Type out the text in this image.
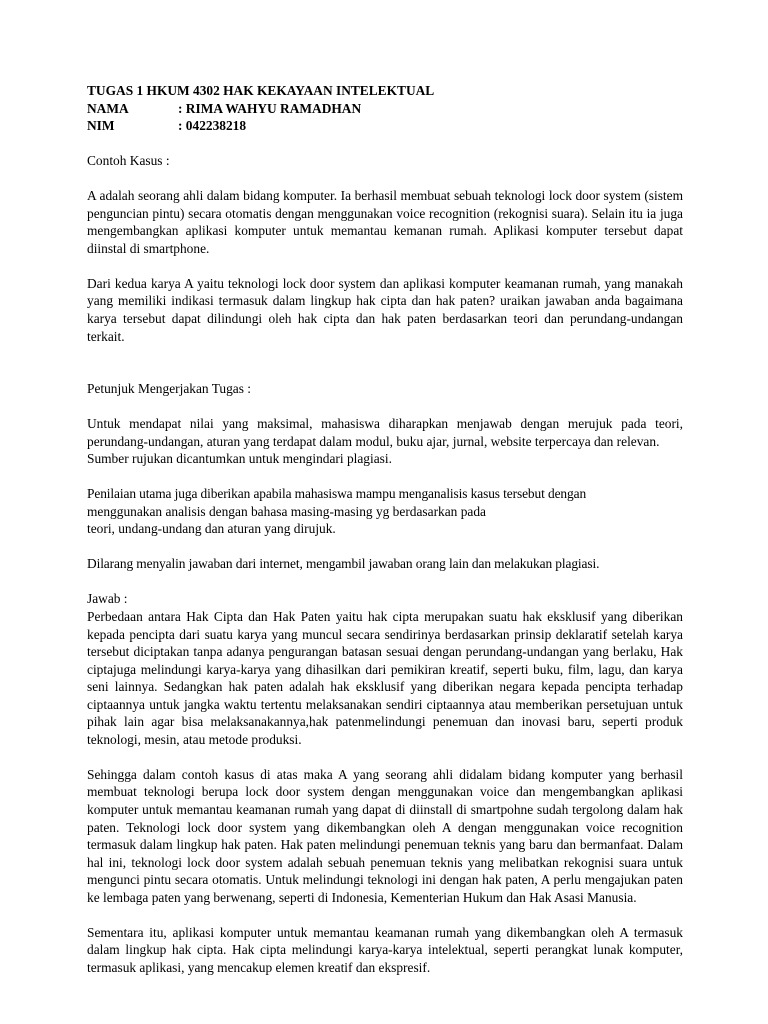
TUGAS 1 HKUM 4302 HAK KEKAYAAN INTELEKTUAL
NAMA	: RIMA WAHYU RAMADHAN
NIM	: 042238218

Contoh Kasus :

A adalah seorang ahli dalam bidang komputer. Ia berhasil membuat sebuah teknologi lock door system (sistem penguncian pintu) secara otomatis dengan menggunakan voice recognition (rekognisi suara). Selain itu ia juga mengembangkan aplikasi komputer untuk memantau kemanan rumah. Aplikasi komputer tersebut dapat diinstal di smartphone.

Dari kedua karya A yaitu teknologi lock door system dan aplikasi komputer keamanan rumah, yang manakah yang memiliki indikasi termasuk dalam lingkup hak cipta dan hak paten? uraikan jawaban anda bagaimana karya tersebut dapat dilindungi oleh hak cipta dan hak paten berdasarkan teori dan perundang-undangan terkait.

Petunjuk Mengerjakan Tugas :

Untuk mendapat nilai yang maksimal, mahasiswa diharapkan menjawab dengan merujuk pada teori, perundang-undangan, aturan yang terdapat dalam modul, buku ajar, jurnal, website terpercaya dan relevan.

Sumber rujukan dicantumkan untuk mengindari plagiasi.

Penilaian utama juga diberikan apabila mahasiswa mampu menganalisis kasus tersebut dengan

menggunakan analisis dengan bahasa masing-masing yg berdasarkan pada

teori, undang-undang dan aturan yang dirujuk.

Dilarang menyalin jawaban dari internet, mengambil jawaban orang lain dan melakukan plagiasi.

Jawab :

Perbedaan antara Hak Cipta dan Hak Paten yaitu hak cipta merupakan suatu hak eksklusif yang diberikan kepada pencipta dari suatu karya yang muncul secara sendirinya berdasarkan prinsip deklaratif setelah karya tersebut diciptakan tanpa adanya pengurangan batasan sesuai dengan perundang-undangan yang berlaku, Hak ciptajuga melindungi karya-karya yang dihasilkan dari pemikiran kreatif, seperti buku, film, lagu, dan karya seni lainnya. Sedangkan hak paten adalah hak eksklusif yang diberikan negara kepada pencipta terhadap ciptaannya untuk jangka waktu tertentu melaksanakan sendiri ciptaannya atau memberikan persetujuan untuk pihak lain agar bisa melaksanakannya,hak patenmelindungi penemuan dan inovasi baru, seperti produk teknologi, mesin, atau metode produksi.

Sehingga dalam contoh kasus di atas maka A yang seorang ahli didalam bidang komputer yang berhasil membuat teknologi berupa lock door system dengan menggunakan voice dan mengembangkan aplikasi komputer untuk memantau keamanan rumah yang dapat di diinstall di smartpohne sudah tergolong dalam hak paten. Teknologi lock door system yang dikembangkan oleh A dengan menggunakan voice recognition termasuk dalam lingkup hak paten. Hak paten melindungi penemuan teknis yang baru dan bermanfaat. Dalam hal ini, teknologi lock door system adalah sebuah penemuan teknis yang melibatkan rekognisi suara untuk mengunci pintu secara otomatis. Untuk melindungi teknologi ini dengan hak paten, A perlu mengajukan paten ke lembaga paten yang berwenang, seperti di Indonesia, Kementerian Hukum dan Hak Asasi Manusia.

Sementara itu, aplikasi komputer untuk memantau keamanan rumah yang dikembangkan oleh A termasuk dalam lingkup hak cipta. Hak cipta melindungi karya-karya intelektual, seperti perangkat lunak komputer, termasuk aplikasi, yang mencakup elemen kreatif dan ekspresif.
